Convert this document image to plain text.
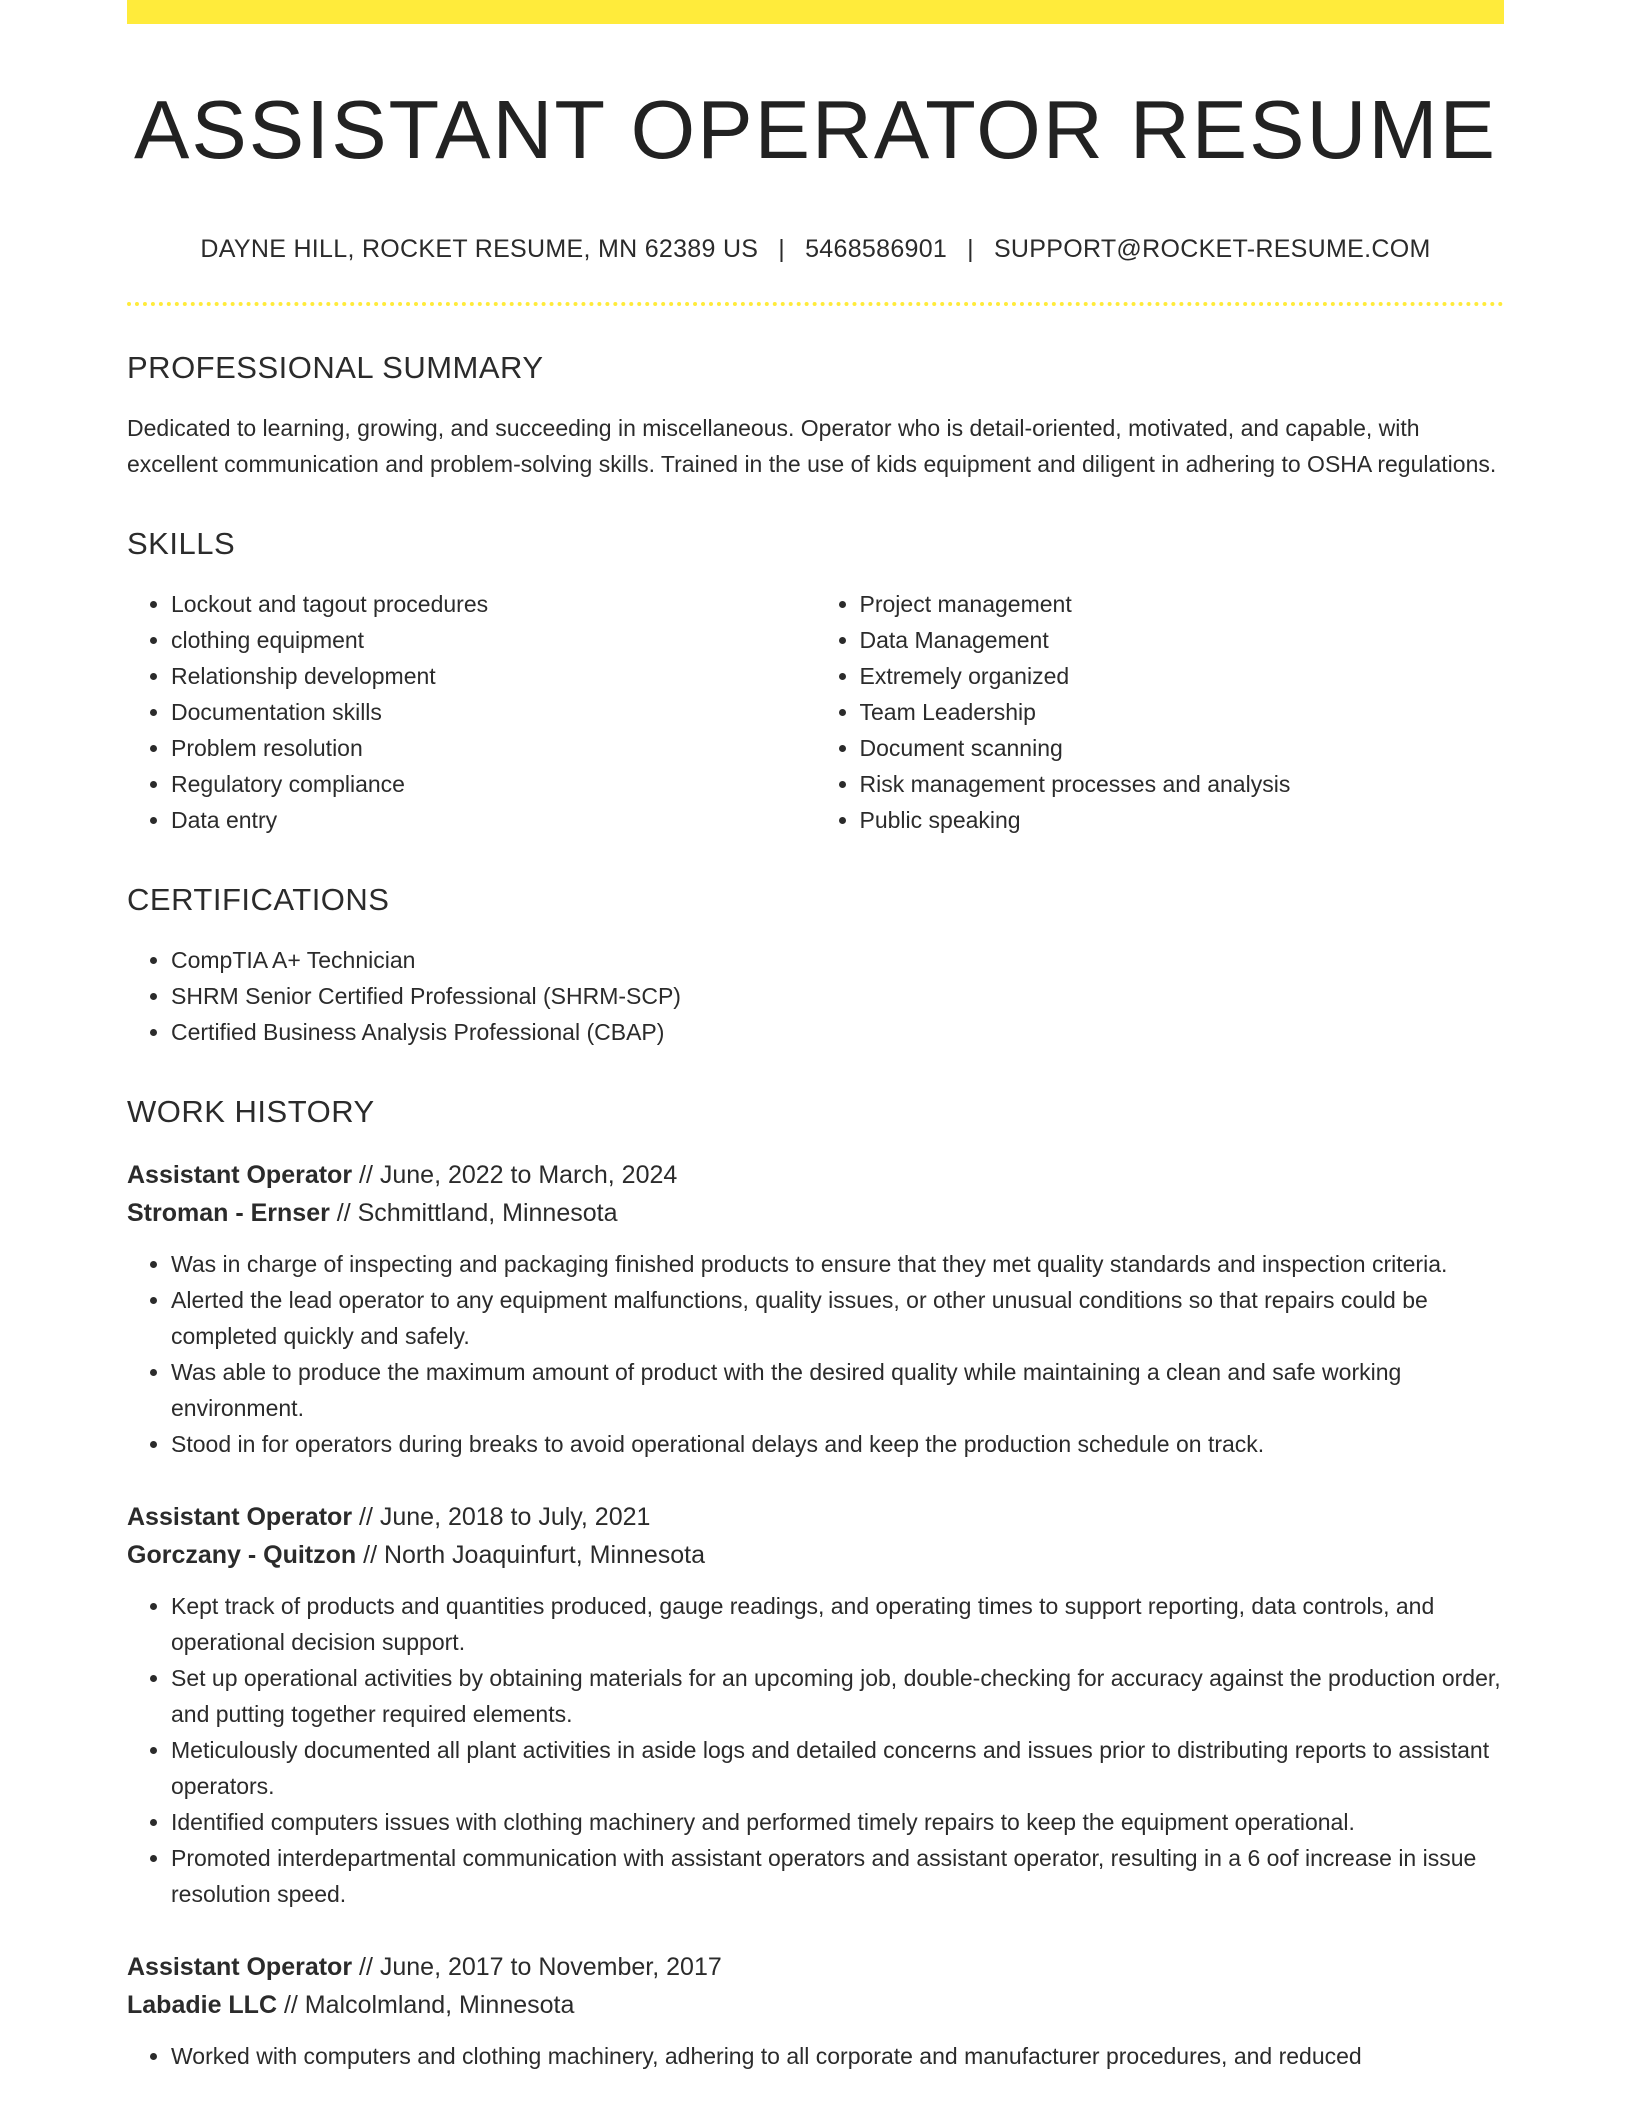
ASSISTANT OPERATOR RESUME
DAYNE HILL, ROCKET RESUME, MN 62389 US | 5468586901 | SUPPORT@ROCKET-RESUME.COM
PROFESSIONAL SUMMARY
Dedicated to learning, growing, and succeeding in miscellaneous. Operator who is detail-oriented, motivated, and capable, with excellent communication and problem-solving skills. Trained in the use of kids equipment and diligent in adhering to OSHA regulations.
SKILLS
• Lockout and tagout procedures
• clothing equipment
• Relationship development
• Documentation skills
• Problem resolution
• Regulatory compliance
• Data entry
• Project management
• Data Management
• Extremely organized
• Team Leadership
• Document scanning
• Risk management processes and analysis
• Public speaking
CERTIFICATIONS
• CompTIA A+ Technician
• SHRM Senior Certified Professional (SHRM-SCP)
• Certified Business Analysis Professional (CBAP)
WORK HISTORY
Assistant Operator // June, 2022 to March, 2024
Stroman - Ernser // Schmittland, Minnesota
• Was in charge of inspecting and packaging finished products to ensure that they met quality standards and inspection criteria.
• Alerted the lead operator to any equipment malfunctions, quality issues, or other unusual conditions so that repairs could be completed quickly and safely.
• Was able to produce the maximum amount of product with the desired quality while maintaining a clean and safe working environment.
• Stood in for operators during breaks to avoid operational delays and keep the production schedule on track.
Assistant Operator // June, 2018 to July, 2021
Gorczany - Quitzon // North Joaquinfurt, Minnesota
• Kept track of products and quantities produced, gauge readings, and operating times to support reporting, data controls, and operational decision support.
• Set up operational activities by obtaining materials for an upcoming job, double-checking for accuracy against the production order, and putting together required elements.
• Meticulously documented all plant activities in aside logs and detailed concerns and issues prior to distributing reports to assistant operators.
• Identified computers issues with clothing machinery and performed timely repairs to keep the equipment operational.
• Promoted interdepartmental communication with assistant operators and assistant operator, resulting in a 6 oof increase in issue resolution speed.
Assistant Operator // June, 2017 to November, 2017
Labadie LLC // Malcolmland, Minnesota
• Worked with computers and clothing machinery, adhering to all corporate and manufacturer procedures, and reduced
